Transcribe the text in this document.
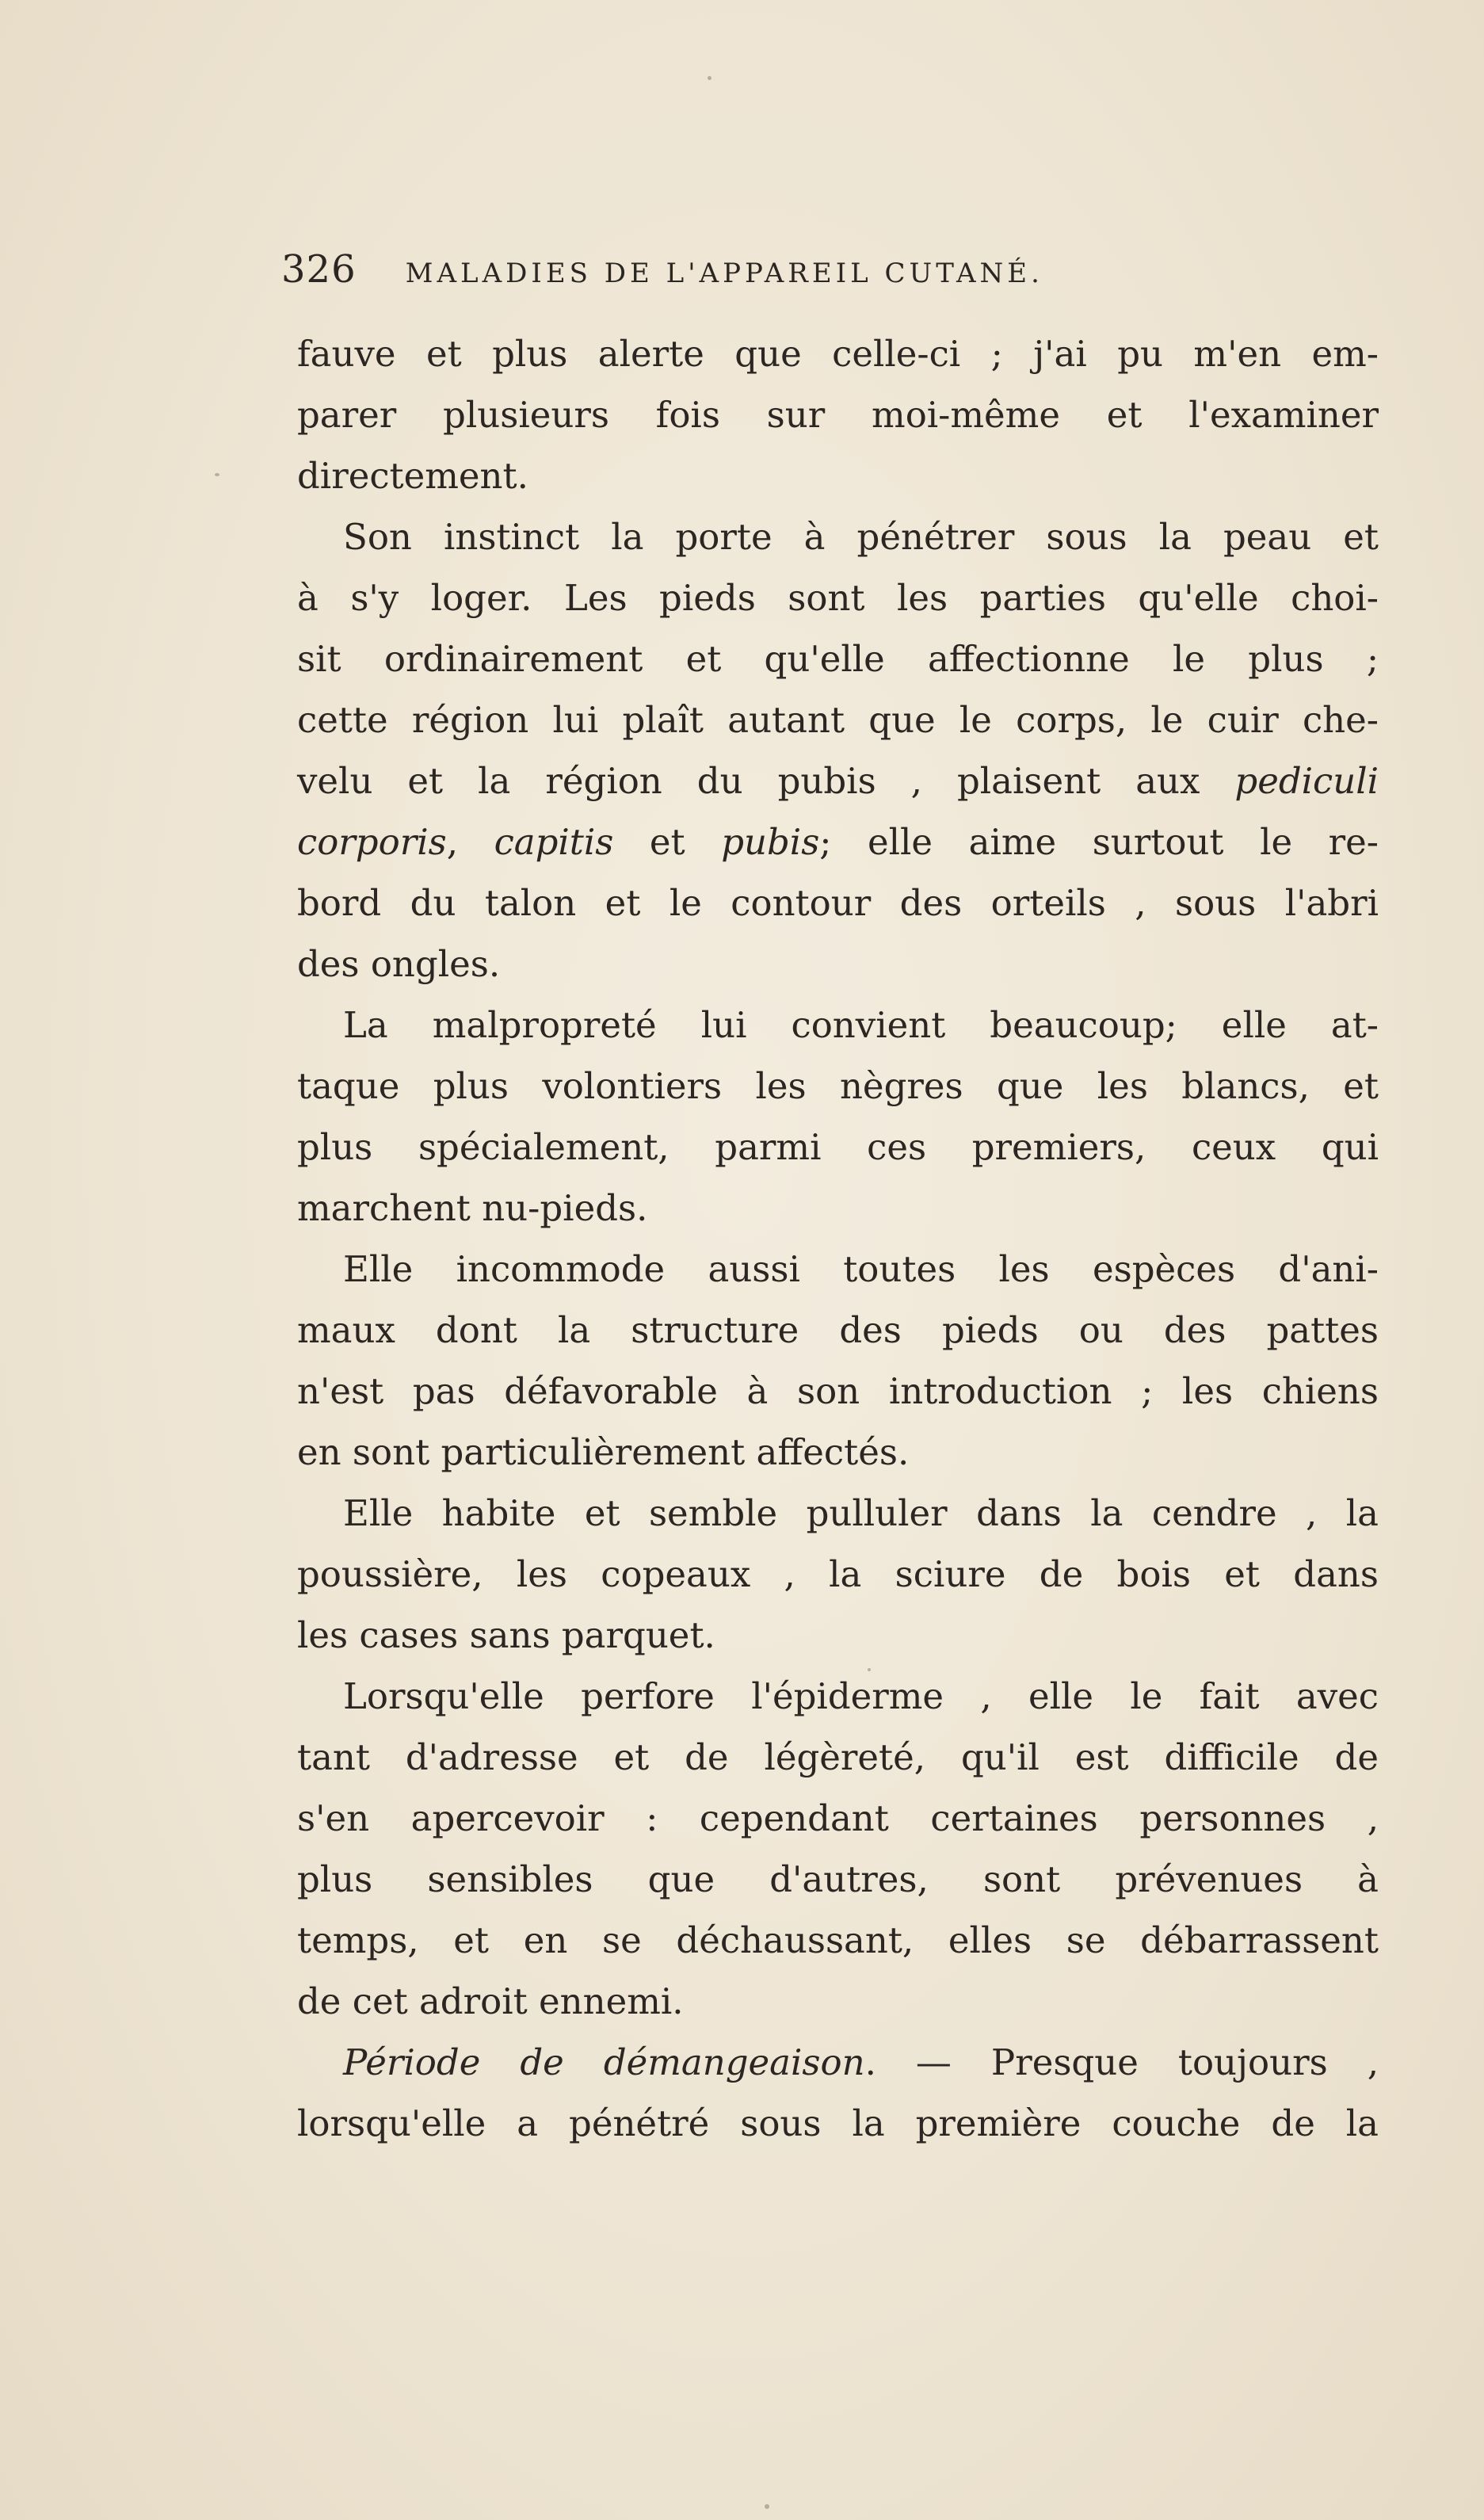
326 MALADIES DE L'APPAREIL CUTANÉ.
fauve et plus alerte que celle-ci ; j'ai pu m'en em-
parer plusieurs fois sur moi-même et l'examiner
directement.
Son instinct la porte à pénétrer sous la peau et
à s'y loger. Les pieds sont les parties qu'elle choi-
sit ordinairement et qu'elle affectionne le plus ;
cette région lui plaît autant que le corps, le cuir che-
velu et la région du pubis , plaisent aux pediculi
corporis, capitis et pubis; elle aime surtout le re-
bord du talon et le contour des orteils , sous l'abri
des ongles.
La malpropreté lui convient beaucoup; elle at-
taque plus volontiers les nègres que les blancs, et
plus spécialement, parmi ces premiers, ceux qui
marchent nu-pieds.
Elle incommode aussi toutes les espèces d'ani-
maux dont la structure des pieds ou des pattes
n'est pas défavorable à son introduction ; les chiens
en sont particulièrement affectés.
Elle habite et semble pulluler dans la cendre , la
poussière, les copeaux , la sciure de bois et dans
les cases sans parquet.
Lorsqu'elle perfore l'épiderme , elle le fait avec
tant d'adresse et de légèreté, qu'il est difficile de
s'en apercevoir : cependant certaines personnes ,
plus sensibles que d'autres, sont prévenues à
temps, et en se déchaussant, elles se débarrassent
de cet adroit ennemi.
Période de démangeaison. — Presque toujours ,
lorsqu'elle a pénétré sous la première couche de la
